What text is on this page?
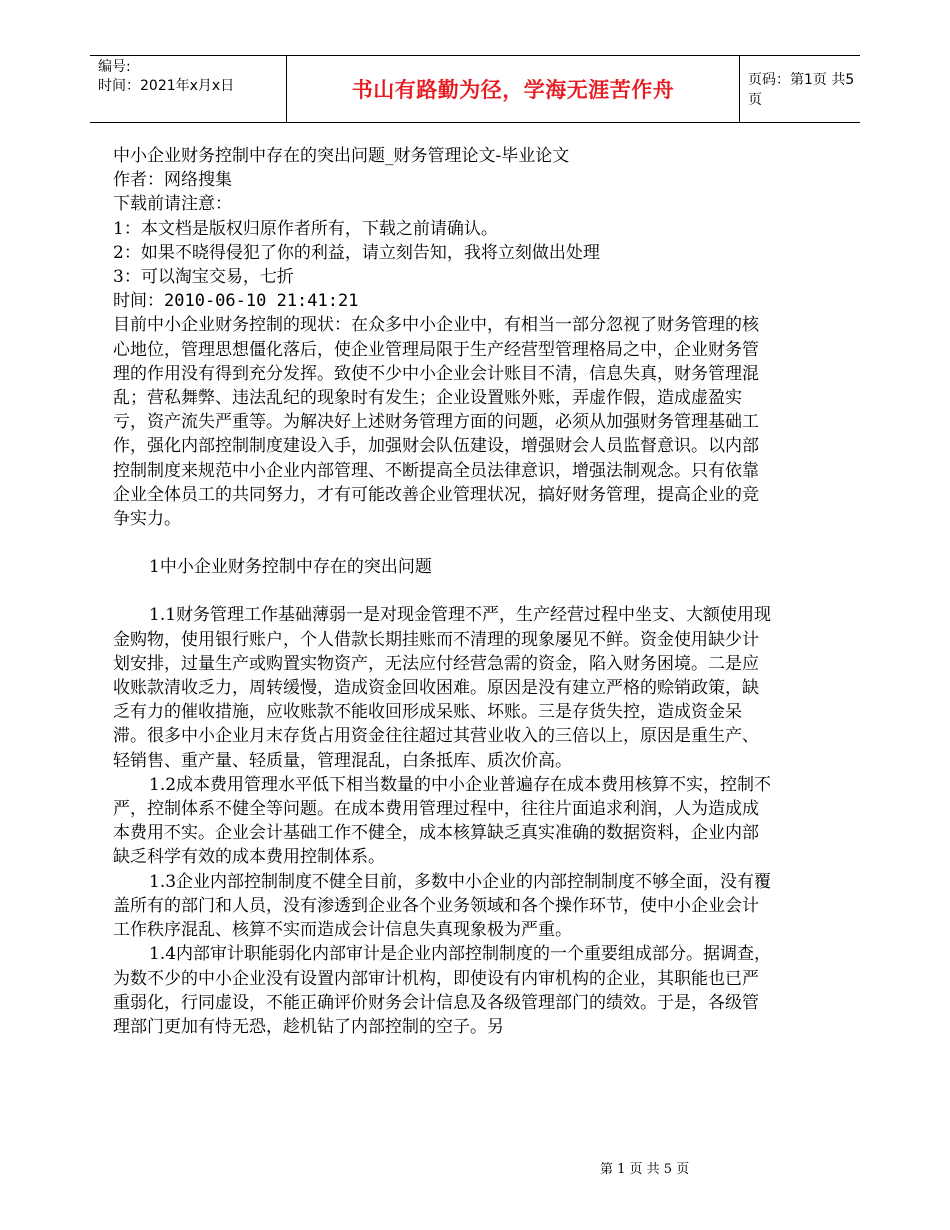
编号:
时间：2021年x月x日	书山有路勤为径，学海无涯苦作舟	页码：第1页 共5页

中小企业财务控制中存在的突出问题_财务管理论文-毕业论文

作者：网络搜集

下载前请注意：

1：本文档是版权归原作者所有，下载之前请确认。

2：如果不晓得侵犯了你的利益，请立刻告知，我将立刻做出处理

3：可以淘宝交易，七折

时间：2010-06-10 21:41:21

目前中小企业财务控制的现状：在众多中小企业中，有相当一部分忽视了财务管理的核心地位，管理思想僵化落后，使企业管理局限于生产经营型管理格局之中，企业财务管理的作用没有得到充分发挥。致使不少中小企业会计账目不清，信息失真，财务管理混乱；营私舞弊、违法乱纪的现象时有发生；企业设置账外账，弄虚作假，造成虚盈实亏，资产流失严重等。为解决好上述财务管理方面的问题，必须从加强财务管理基础工作，强化内部控制制度建设入手，加强财会队伍建设，增强财会人员监督意识。以内部控制制度来规范中小企业内部管理、不断提高全员法律意识，增强法制观念。只有依靠企业全体员工的共同努力，才有可能改善企业管理状况，搞好财务管理，提高企业的竞争实力。

1中小企业财务控制中存在的突出问题

1.1财务管理工作基础薄弱一是对现金管理不严，生产经营过程中坐支、大额使用现金购物，使用银行账户，个人借款长期挂账而不清理的现象屡见不鲜。资金使用缺少计划安排，过量生产或购置实物资产，无法应付经营急需的资金，陷入财务困境。二是应收账款清收乏力，周转缓慢，造成资金回收困难。原因是没有建立严格的赊销政策，缺乏有力的催收措施，应收账款不能收回形成呆账、坏账。三是存货失控，造成资金呆滞。很多中小企业月末存货占用资金往往超过其营业收入的三倍以上，原因是重生产、轻销售、重产量、轻质量，管理混乱，白条抵库、质次价高。

1.2成本费用管理水平低下相当数量的中小企业普遍存在成本费用核算不实，控制不严，控制体系不健全等问题。在成本费用管理过程中，往往片面追求利润，人为造成成本费用不实。企业会计基础工作不健全，成本核算缺乏真实准确的数据资料，企业内部缺乏科学有效的成本费用控制体系。

1.3企业内部控制制度不健全目前，多数中小企业的内部控制制度不够全面，没有覆盖所有的部门和人员，没有渗透到企业各个业务领域和各个操作环节，使中小企业会计工作秩序混乱、核算不实而造成会计信息失真现象极为严重。

1.4内部审计职能弱化内部审计是企业内部控制制度的一个重要组成部分。据调查，为数不少的中小企业没有设置内部审计机构，即使设有内审机构的企业，其职能也已严重弱化，行同虚设，不能正确评价财务会计信息及各级管理部门的绩效。于是，各级管理部门更加有恃无恐，趁机钻了内部控制的空子。另

第 1 页 共 5 页
